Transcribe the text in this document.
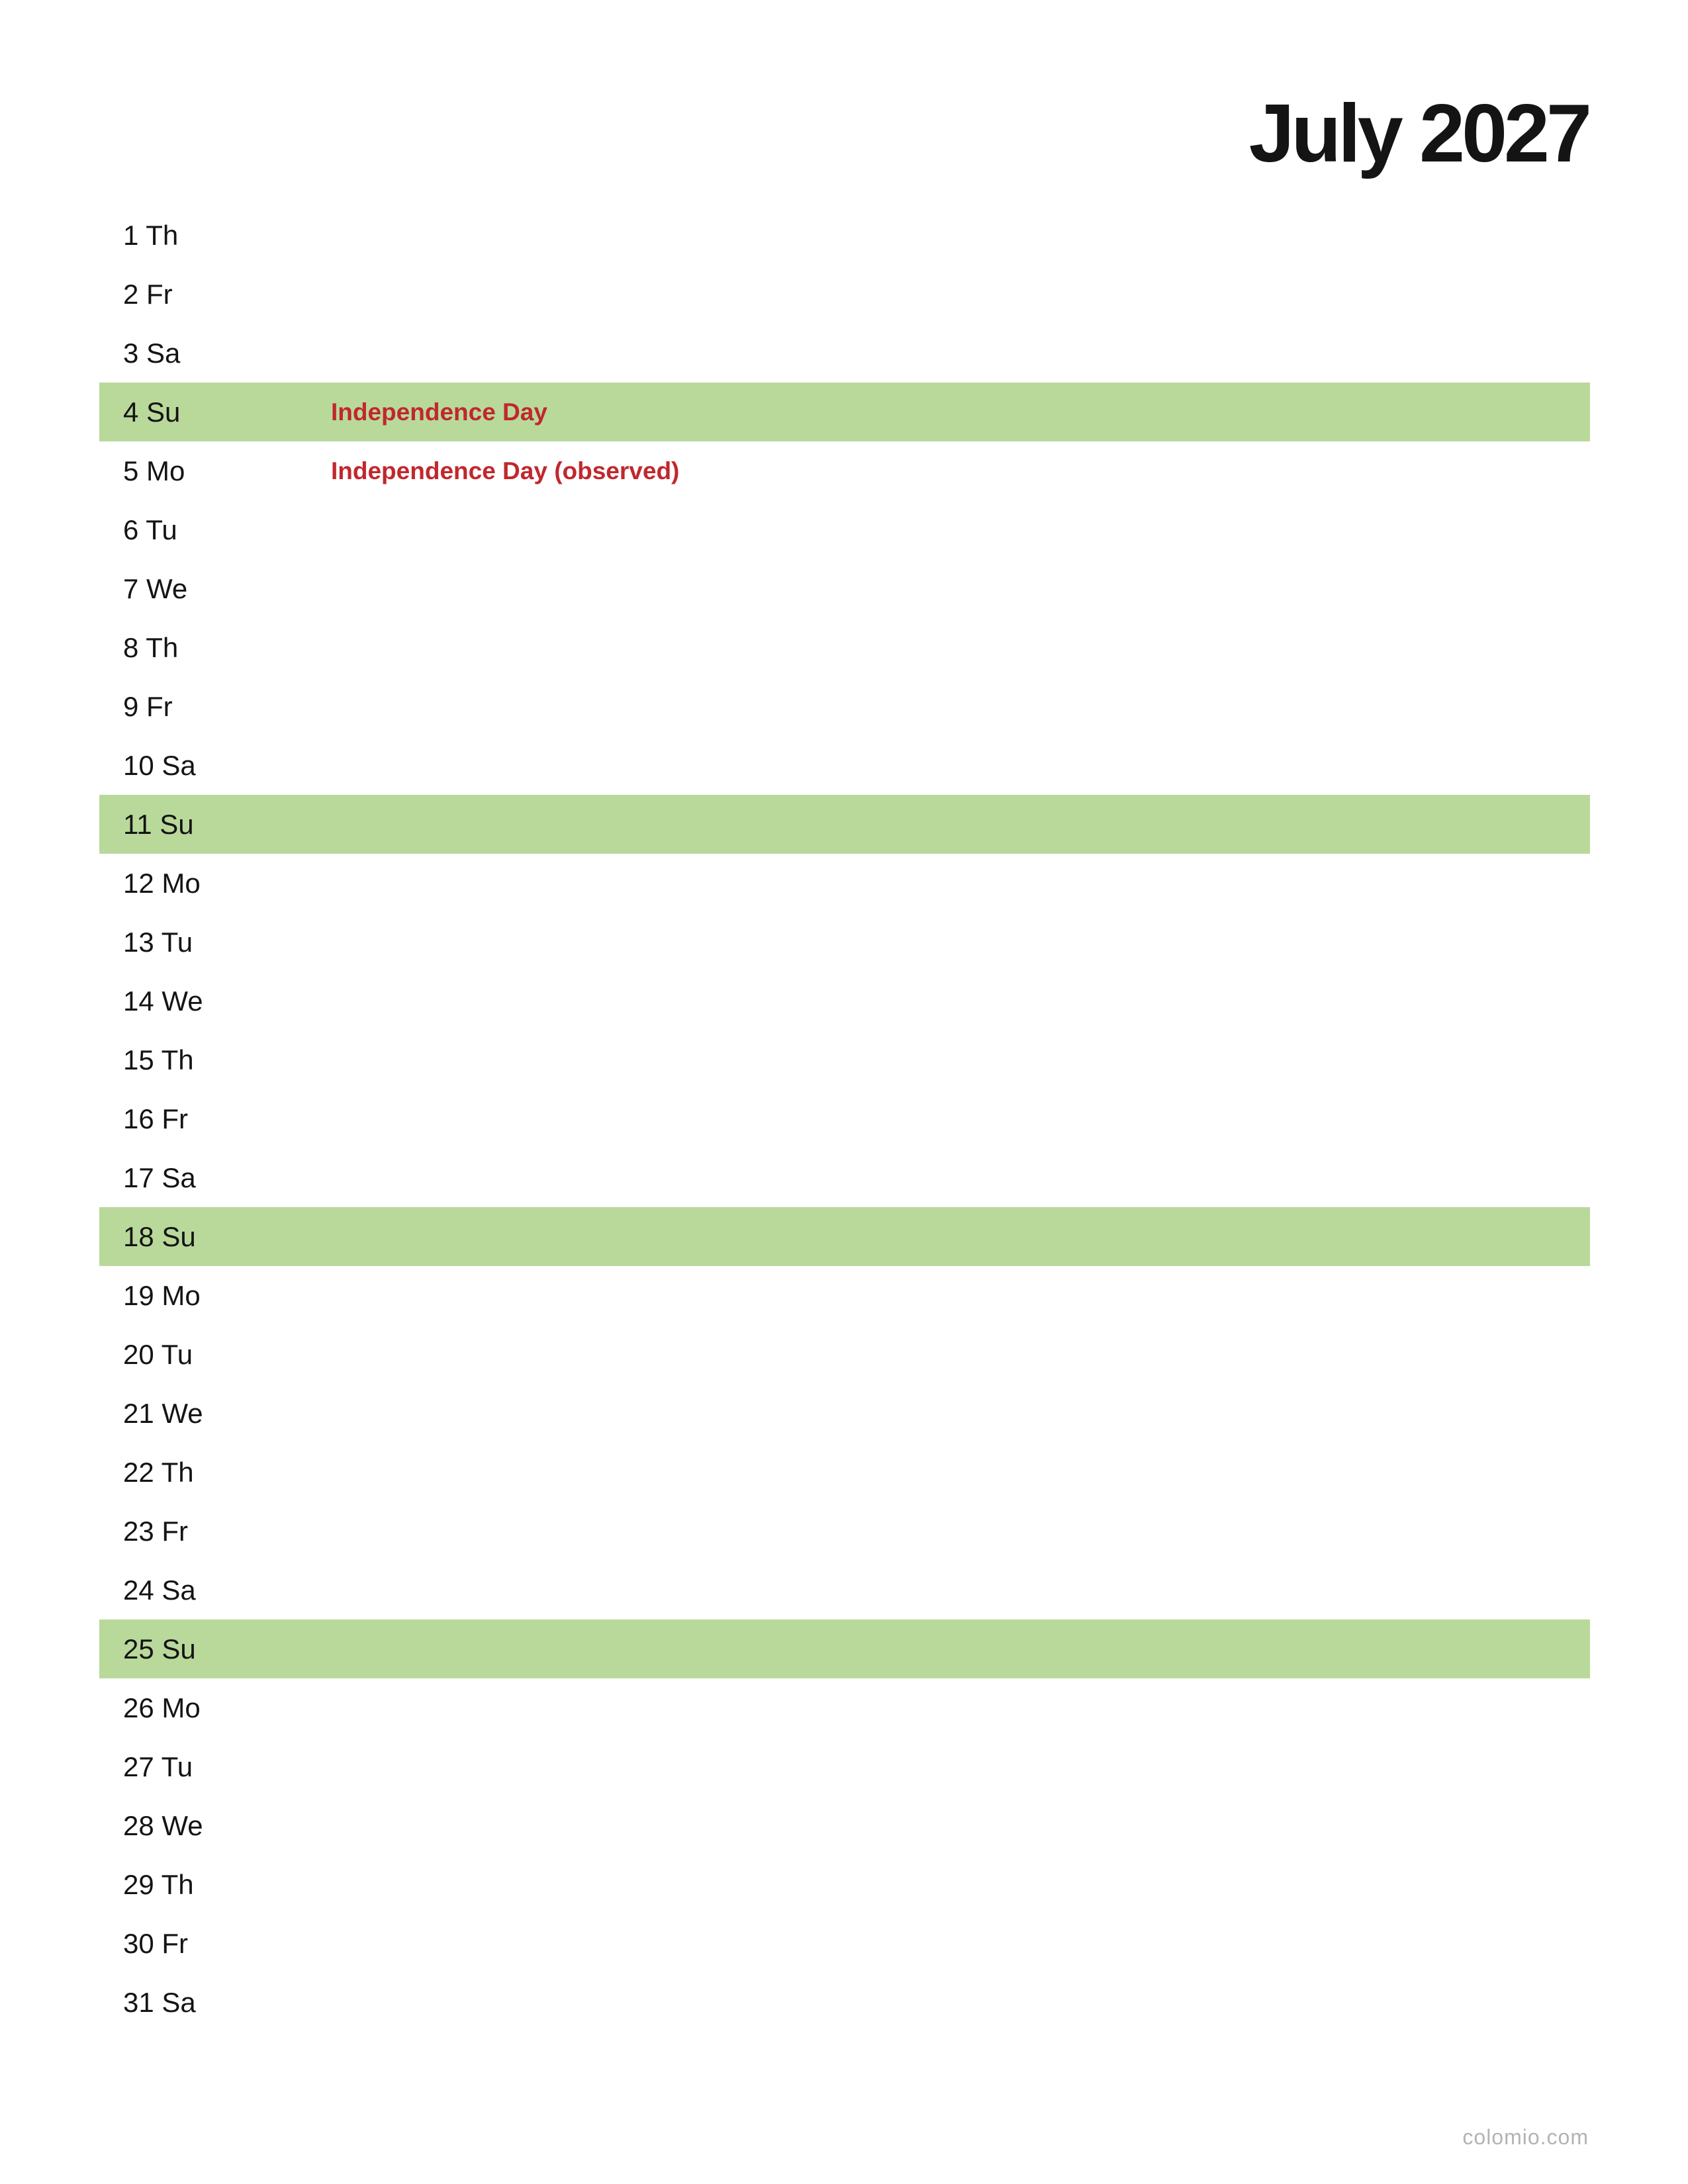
July 2027
1 Th
2 Fr
3 Sa
4 Su	Independence Day
5 Mo	Independence Day (observed)
6 Tu
7 We
8 Th
9 Fr
10 Sa
11 Su
12 Mo
13 Tu
14 We
15 Th
16 Fr
17 Sa
18 Su
19 Mo
20 Tu
21 We
22 Th
23 Fr
24 Sa
25 Su
26 Mo
27 Tu
28 We
29 Th
30 Fr
31 Sa
colomio.com
